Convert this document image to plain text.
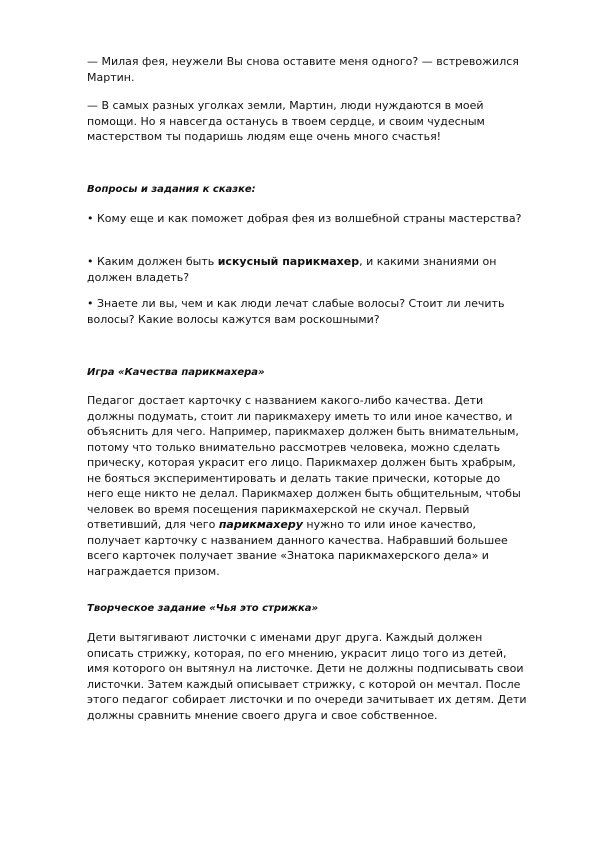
— Милая фея, неужели Вы снова оставите меня одного? — встревожился Мартин.

— В самых разных уголках земли, Мартин, люди нуждаются в моей помощи. Но я навсегда останусь в твоем сердце, и своим чудесным мастерством ты подаришь людям еще очень много счастья!

Вопросы и задания к сказке:

• Кому еще и как поможет добрая фея из волшебной страны мастерства?

• Каким должен быть искусный парикмахер, и какими знаниями он должен владеть?

• Знаете ли вы, чем и как люди лечат слабые волосы? Стоит ли лечить волосы? Какие волосы кажутся вам роскошными?

Игра «Качества парикмахера»

Педагог достает карточку с названием какого-либо качества. Дети должны подумать, стоит ли парикмахеру иметь то или иное качество, и объяснить для чего. Например, парикмахер должен быть внимательным, потому что только внимательно рассмотрев человека, можно сделать прическу, которая украсит его лицо. Парикмахер должен быть храбрым, не бояться экспериментировать и делать такие прически, которые до него еще никто не делал. Парикмахер должен быть общительным, чтобы человек во время посещения парикмахерской не скучал. Первый ответивший, для чего парикмахеру нужно то или иное качество, получает карточку с названием данного качества. Набравший большее всего карточек получает звание «Знатока парикмахерского дела» и награждается призом.

Творческое задание «Чья это стрижка»

Дети вытягивают листочки с именами друг друга. Каждый должен описать стрижку, которая, по его мнению, украсит лицо того из детей, имя которого он вытянул на листочке. Дети не должны подписывать свои листочки. Затем каждый описывает стрижку, с которой он мечтал. После этого педагог собирает листочки и по очереди зачитывает их детям. Дети должны сравнить мнение своего друга и свое собственное.
